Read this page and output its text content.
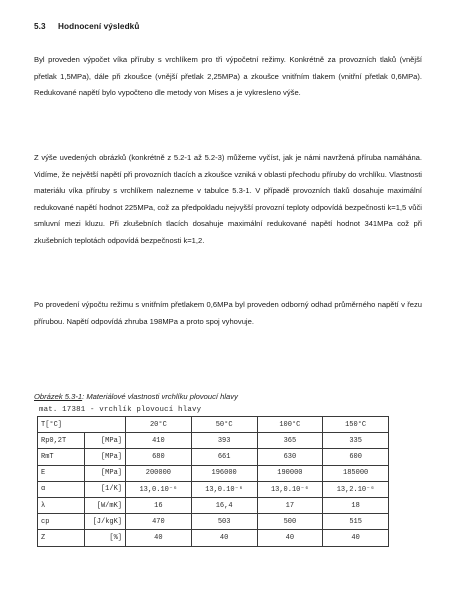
5.3 Hodnocení výsledků

Byl proveden výpočet víka příruby s vrchlíkem pro tři výpočetní režimy. Konkrétně za provozních tlaků (vnější přetlak 1,5MPa), dále při zkoušce (vnější přetlak 2,25MPa) a zkoušce vnitřním tlakem (vnitřní přetlak 0,6MPa). Redukované napětí bylo vypočteno dle metody von Mises a je vykresleno výše.

Z výše uvedených obrázků (konkrétně z 5.2-1 až 5.2-3) můžeme vyčíst, jak je námi navržená příruba namáhána. Vidíme, že největší napětí při provozních tlacích a zkoušce vzniká v oblasti přechodu příruby do vrchlíku. Vlastnosti materiálu víka příruby s vrchlíkem nalezneme v tabulce 5.3-1. V případě provozních tlaků dosahuje maximální redukované napětí hodnot 225MPa, což za předpokladu nejvyšší provozní teploty odpovídá bezpečnosti k=1,5 vůči smluvní mezi kluzu. Při zkušebních tlacích dosahuje maximální redukované napětí hodnot 341MPa což při zkušebních teplotách odpovídá bezpečnosti k=1,2.

Po provedení výpočtu režimu s vnitřním přetlakem 0,6MPa byl proveden odborný odhad průměrného napětí v řezu přírubou. Napětí odpovídá zhruba 198MPa a proto spoj vyhovuje.

Obrázek 5.3-1: Materiálové vlastnosti vrchlíku plovoucí hlavy
mat. 17381 - vrchlík plovoucí hlavy
T[°C]		20°C	50°C	100°C	150°C
Rp0,2T	[MPa]	410	393	365	335
RmT	[MPa]	680	661	630	600
E	[MPa]	200000	196000	190000	185000
α	[1/K]	13,0.10⁻⁶	13,0.10⁻⁶	13,0.10⁻⁶	13,2.10⁻⁶
λ	[W/mK]	16	16,4	17	18
cp	[J/kgK]	470	503	500	515
Z	[%]	40	40	40	40
